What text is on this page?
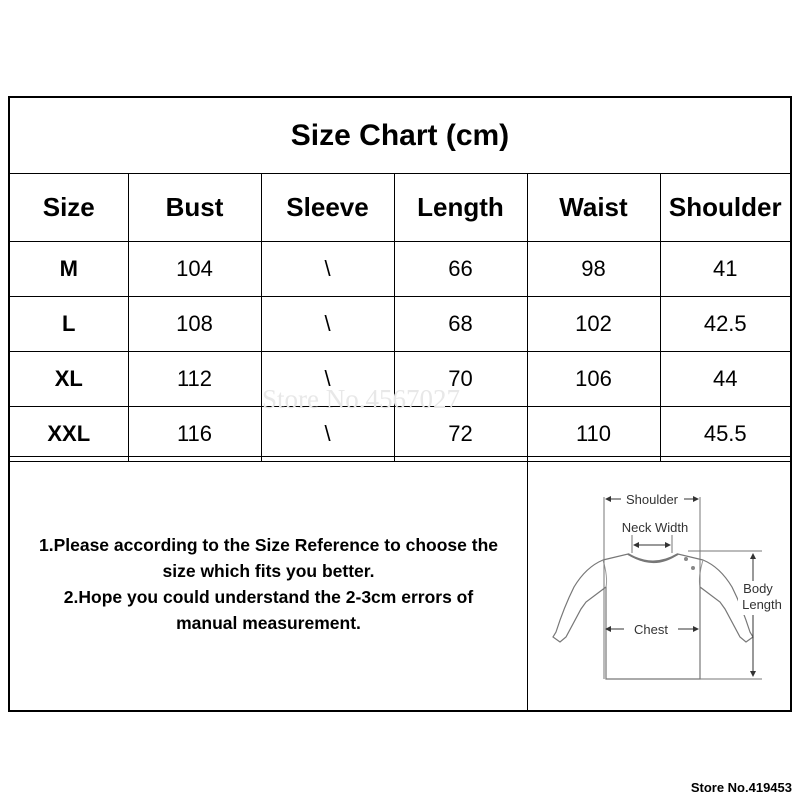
Size Chart (cm)
Size	Bust	Sleeve	Length	Waist	Shoulder
M	104	\	66	98	41
L	108	\	68	102	42.5
XL	112	\	70	106	44
XXL	116	\	72	110	45.5
1.Please according to the Size Reference to choose the
size which fits you better.
2.Hope you could understand the 2-3cm errors of
manual measurement.
Shoulder
Neck Width
Chest
Body
Length
Store No.4567027
Store No.419453
